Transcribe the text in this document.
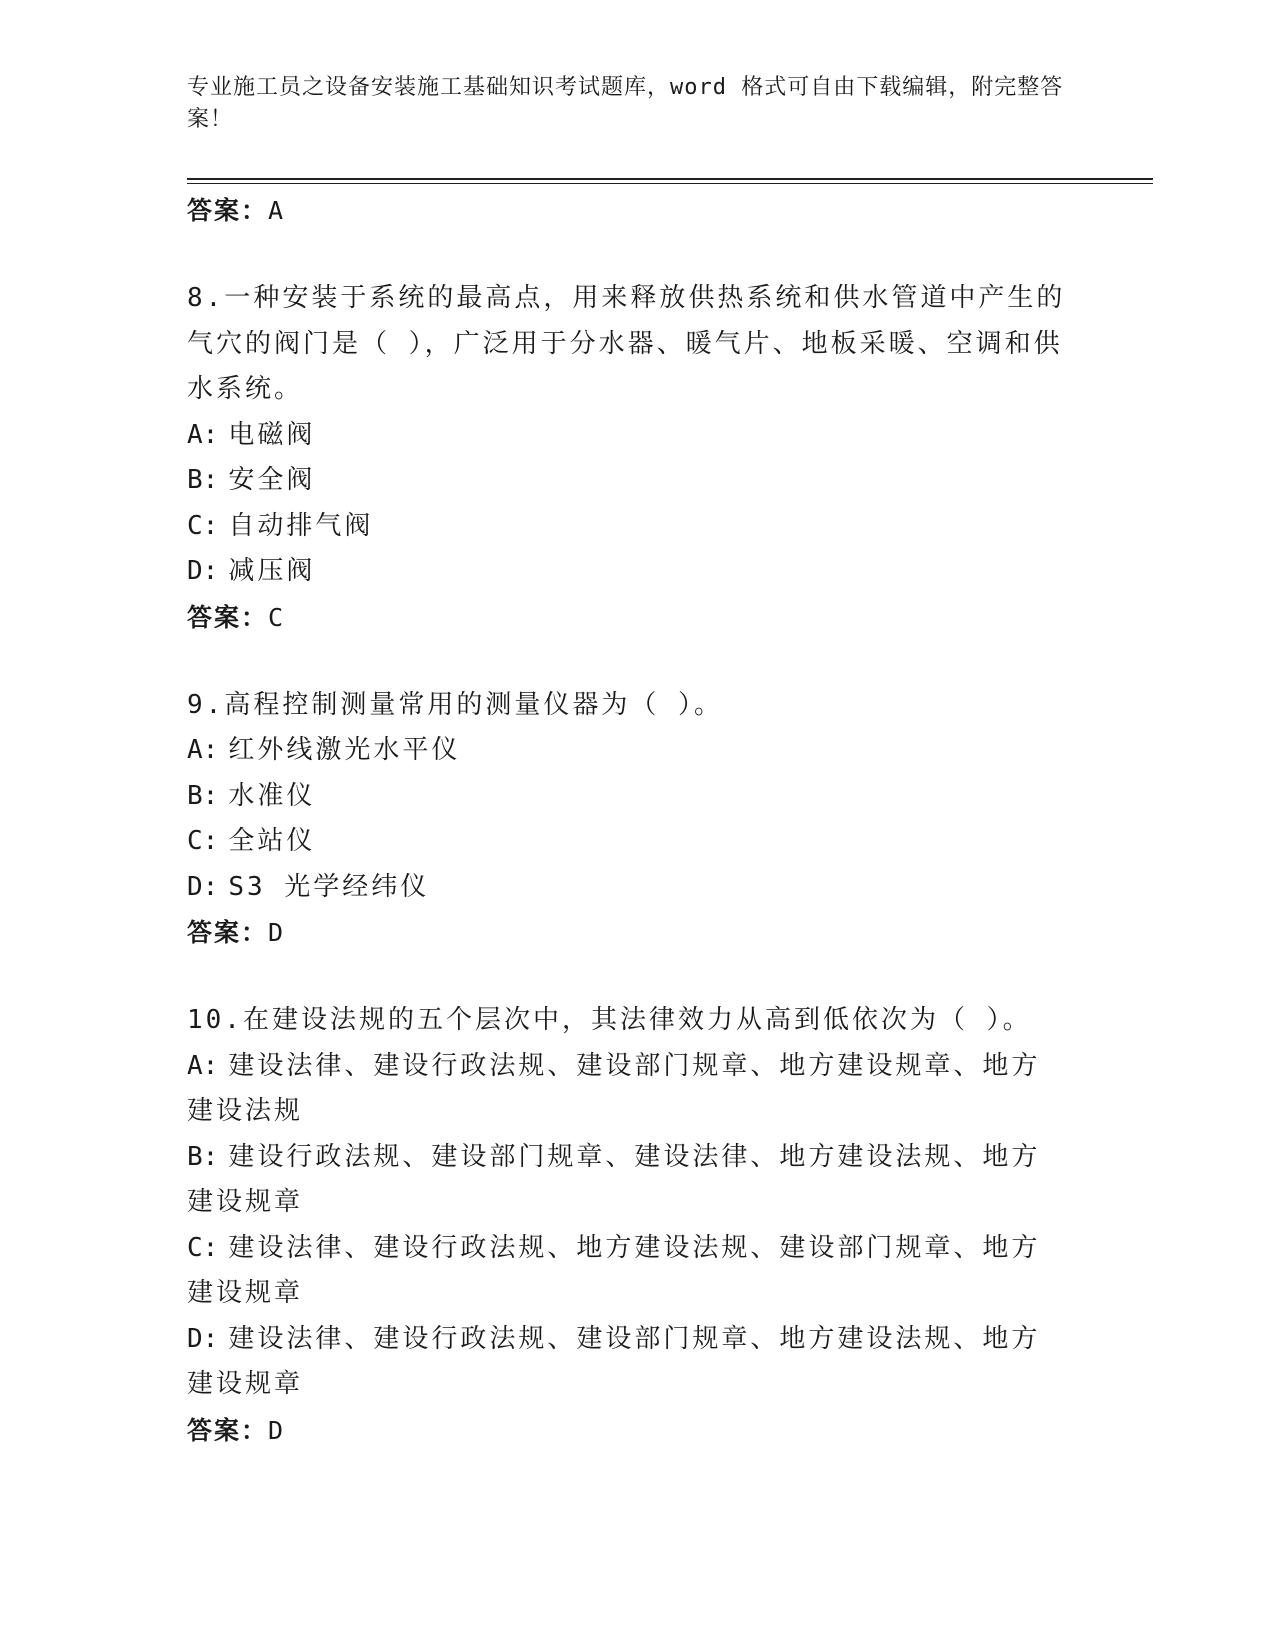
专业施工员之设备安装施工基础知识考试题库，word 格式可自由下载编辑，附完整答案！
答案：A
8.一种安装于系统的最高点，用来释放供热系统和供水管道中产生的气穴的阀门是（ ），广泛用于分水器、暖气片、地板采暖、空调和供水系统。
A: 电磁阀
B: 安全阀
C: 自动排气阀
D: 减压阀
答案：C
9.高程控制测量常用的测量仪器为（ ）。
A: 红外线激光水平仪
B: 水准仪
C: 全站仪
D: S3 光学经纬仪
答案：D
10.在建设法规的五个层次中，其法律效力从高到低依次为（ ）。
A: 建设法律、建设行政法规、建设部门规章、地方建设规章、地方建设法规
B: 建设行政法规、建设部门规章、建设法律、地方建设法规、地方建设规章
C: 建设法律、建设行政法规、地方建设法规、建设部门规章、地方建设规章
D: 建设法律、建设行政法规、建设部门规章、地方建设法规、地方建设规章
答案：D
